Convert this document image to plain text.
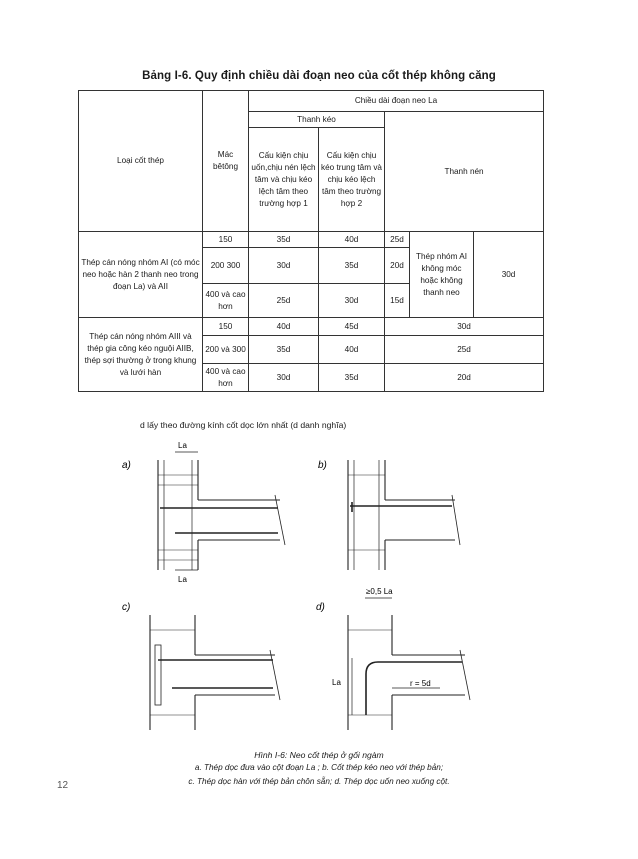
Bảng I-6. Quy định chiều dài đoạn neo của cốt thép không căng
Loại cốt thép	Mác bêtông	Chiều dài đoạn neo La				
		Thanh kéo		Thanh nén		
		Cấu kiện chịu uốn,chịu nén lệch tâm và chịu kéo lệch tâm theo trường hợp 1	Cấu kiện chịu kéo trung tâm và chịu kéo lệch tâm theo trường hợp 2			
Thép cán nóng nhóm AI (có móc neo hoặc hàn 2 thanh neo trong đoạn La) và AII	150	35d	40d	25d	Thép nhóm AI không móc hoặc không thanh neo	30d
	200 300	30d	35d	20d		
	400 và cao hơn	25d	30d	15d		
Thép cán nóng nhóm AIII và thép gia công kéo nguội AIIB, thép sợi thường ở trong khung và lưới hàn	150	40d	45d	30d		
	200 và 300	35d	40d	25d		
	400 và cao hơn	30d	35d	20d		
d lấy theo đường kính cốt dọc lớn nhất (d danh nghĩa)
a)	b)
c)	d)
La
La
≥0,5 La
La	r = 5d
Hình I-6: Neo cốt thép ở gối ngàm
a. Thép dọc đưa vào cột đoạn La ; b. Cốt thép kéo neo với thép bản;
c. Thép dọc hàn với thép bản chôn sẵn; d. Thép dọc uốn neo xuống cột.
12
